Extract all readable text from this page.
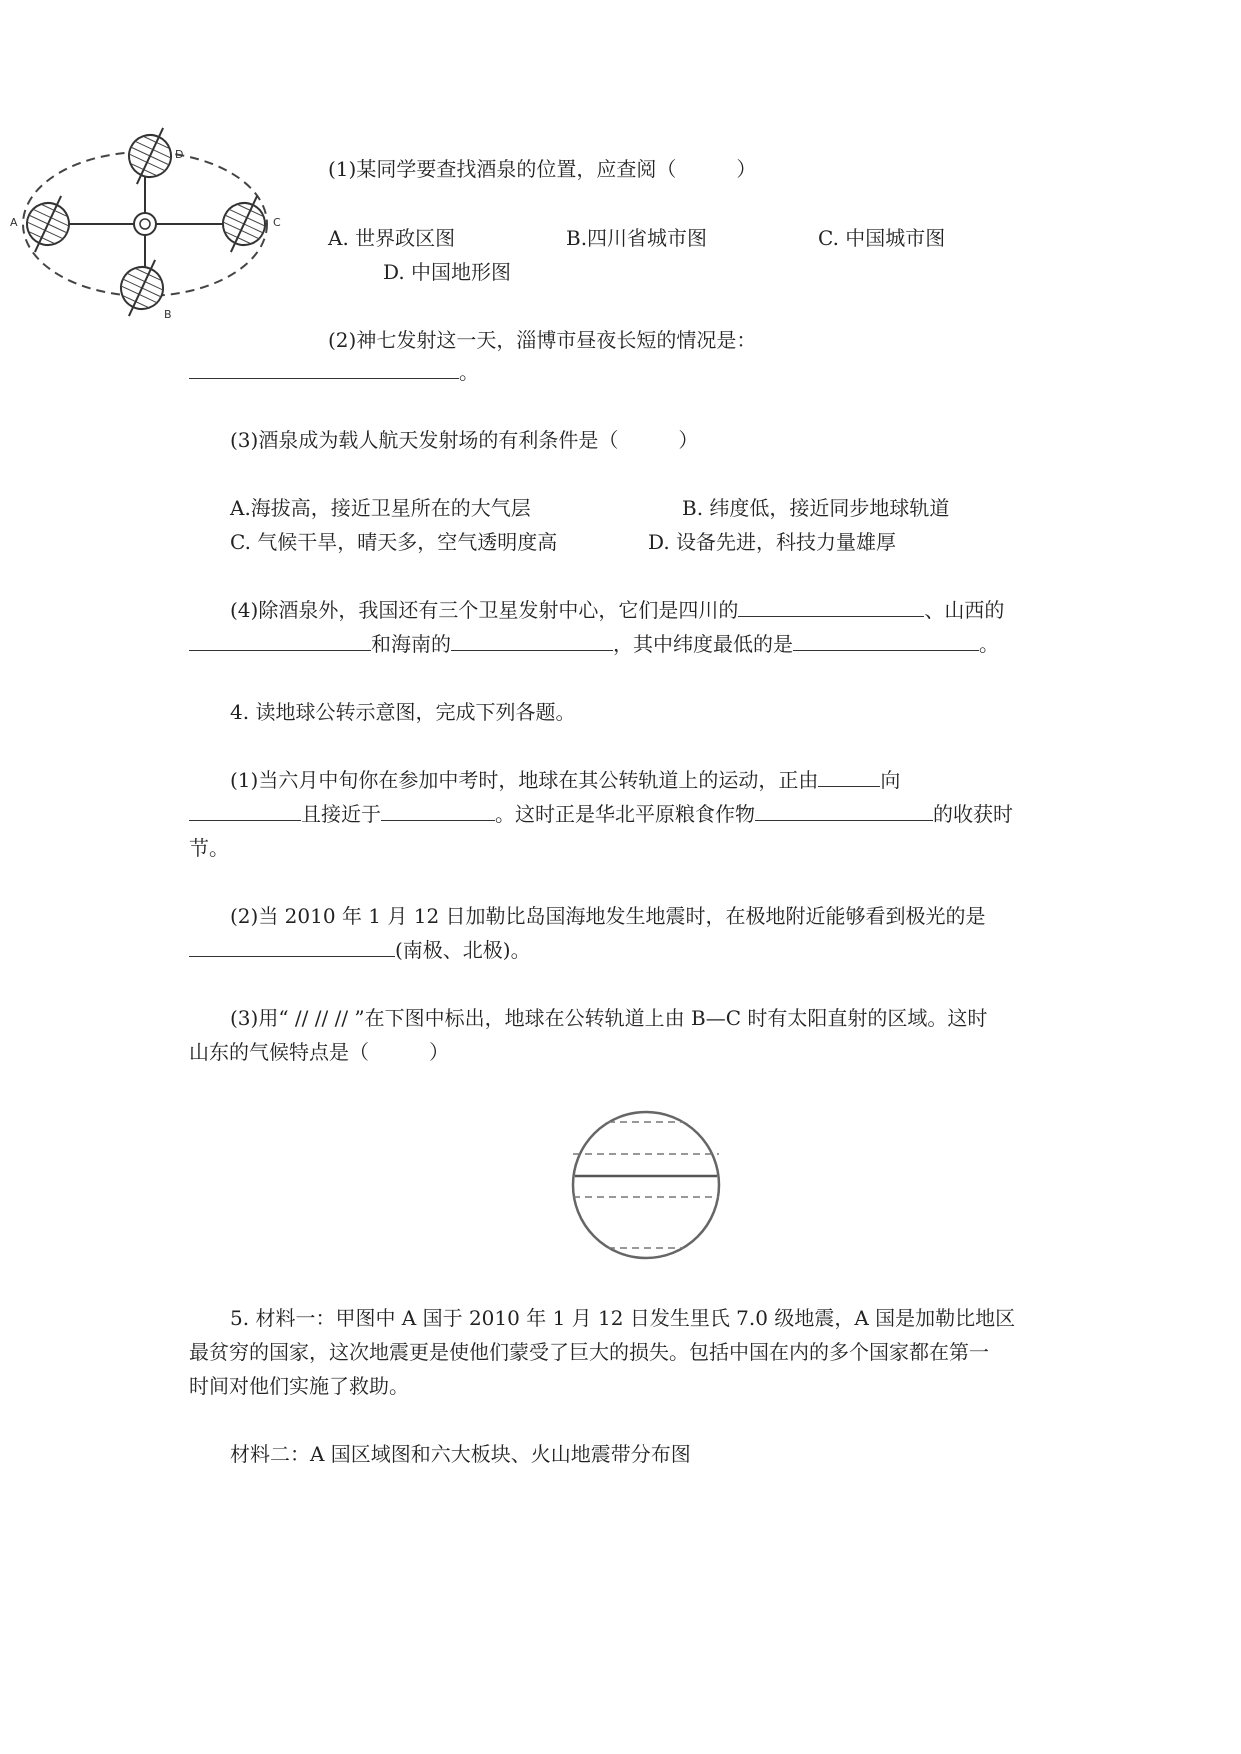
A
B
C
D
(1)某同学要查找酒泉的位置，应查阅（　　　）
A. 世界政区图	B.四川省城市图	C. 中国城市图
D. 中国地形图
(2)神七发射这一天，淄博市昼夜长短的情况是：
。
(3)酒泉成为载人航天发射场的有利条件是（　　　）
A.海拔高，接近卫星所在的大气层	B. 纬度低，接近同步地球轨道
C. 气候干旱，晴天多，空气透明度高	D. 设备先进，科技力量雄厚
(4)除酒泉外，我国还有三个卫星发射中心，它们是四川的	、山西的
和海南的	，其中纬度最低的是	。
4. 读地球公转示意图，完成下列各题。
(1)当六月中旬你在参加中考时，地球在其公转轨道上的运动，正由	向
且接近于	。这时正是华北平原粮食作物	的收获时
节。
(2)当 2010 年 1 月 12 日加勒比岛国海地发生地震时，在极地附近能够看到极光的是
(南极、北极)。
(3)用“ // // // ”在下图中标出，地球在公转轨道上由 B—C 时有太阳直射的区域。这时
山东的气候特点是（　　　）
5. 材料一：甲图中 A 国于 2010 年 1 月 12 日发生里氏 7.0 级地震，A 国是加勒比地区
最贫穷的国家，这次地震更是使他们蒙受了巨大的损失。包括中国在内的多个国家都在第一
时间对他们实施了救助。
材料二：A 国区域图和六大板块、火山地震带分布图
